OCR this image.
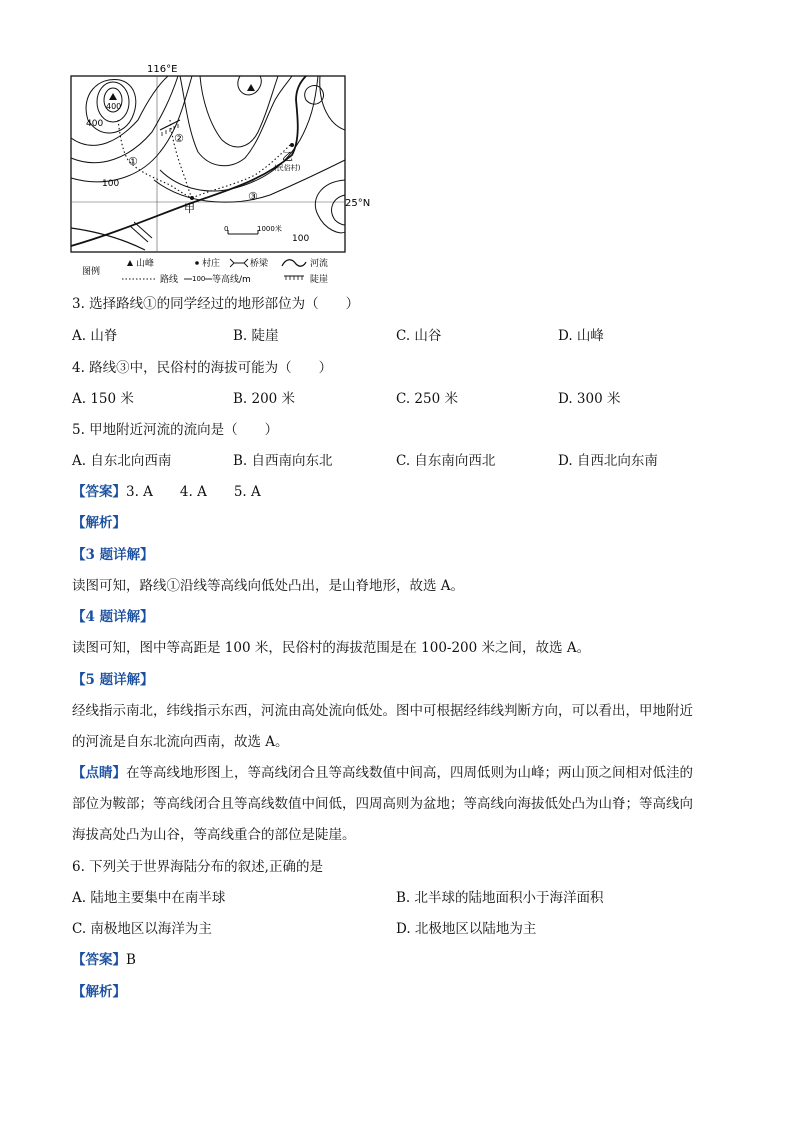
116°E
25°N
400
400
100
100
①
②
③
乙
(民俗村)
甲
0	1000米
图例
山峰	村庄	桥梁	河流
路线 100 等高线/m	陡崖
3. 选择路线①的同学经过的地形部位为（　　）
A. 山脊	B. 陡崖	C. 山谷	D. 山峰
4. 路线③中，民俗村的海拔可能为（　　）
A. 150 米	B. 200 米	C. 250 米	D. 300 米
5. 甲地附近河流的流向是（　　）
A. 自东北向西南	B. 自西南向东北	C. 自东南向西北	D. 自西北向东南
【答案】3. A　　4. A　　5. A
【解析】
【3 题详解】
读图可知，路线①沿线等高线向低处凸出，是山脊地形，故选 A。
【4 题详解】
读图可知，图中等高距是 100 米，民俗村的海拔范围是在 100-200 米之间，故选 A。
【5 题详解】
经线指示南北，纬线指示东西，河流由高处流向低处。图中可根据经纬线判断方向，可以看出，甲地附近
的河流是自东北流向西南，故选 A。
【点睛】在等高线地形图上，等高线闭合且等高线数值中间高，四周低则为山峰；两山顶之间相对低洼的
部位为鞍部；等高线闭合且等高线数值中间低，四周高则为盆地；等高线向海拔低处凸为山脊；等高线向
海拔高处凸为山谷，等高线重合的部位是陡崖。
6. 下列关于世界海陆分布的叙述,正确的是
A. 陆地主要集中在南半球	B. 北半球的陆地面积小于海洋面积
C. 南极地区以海洋为主	D. 北极地区以陆地为主
【答案】B
【解析】
